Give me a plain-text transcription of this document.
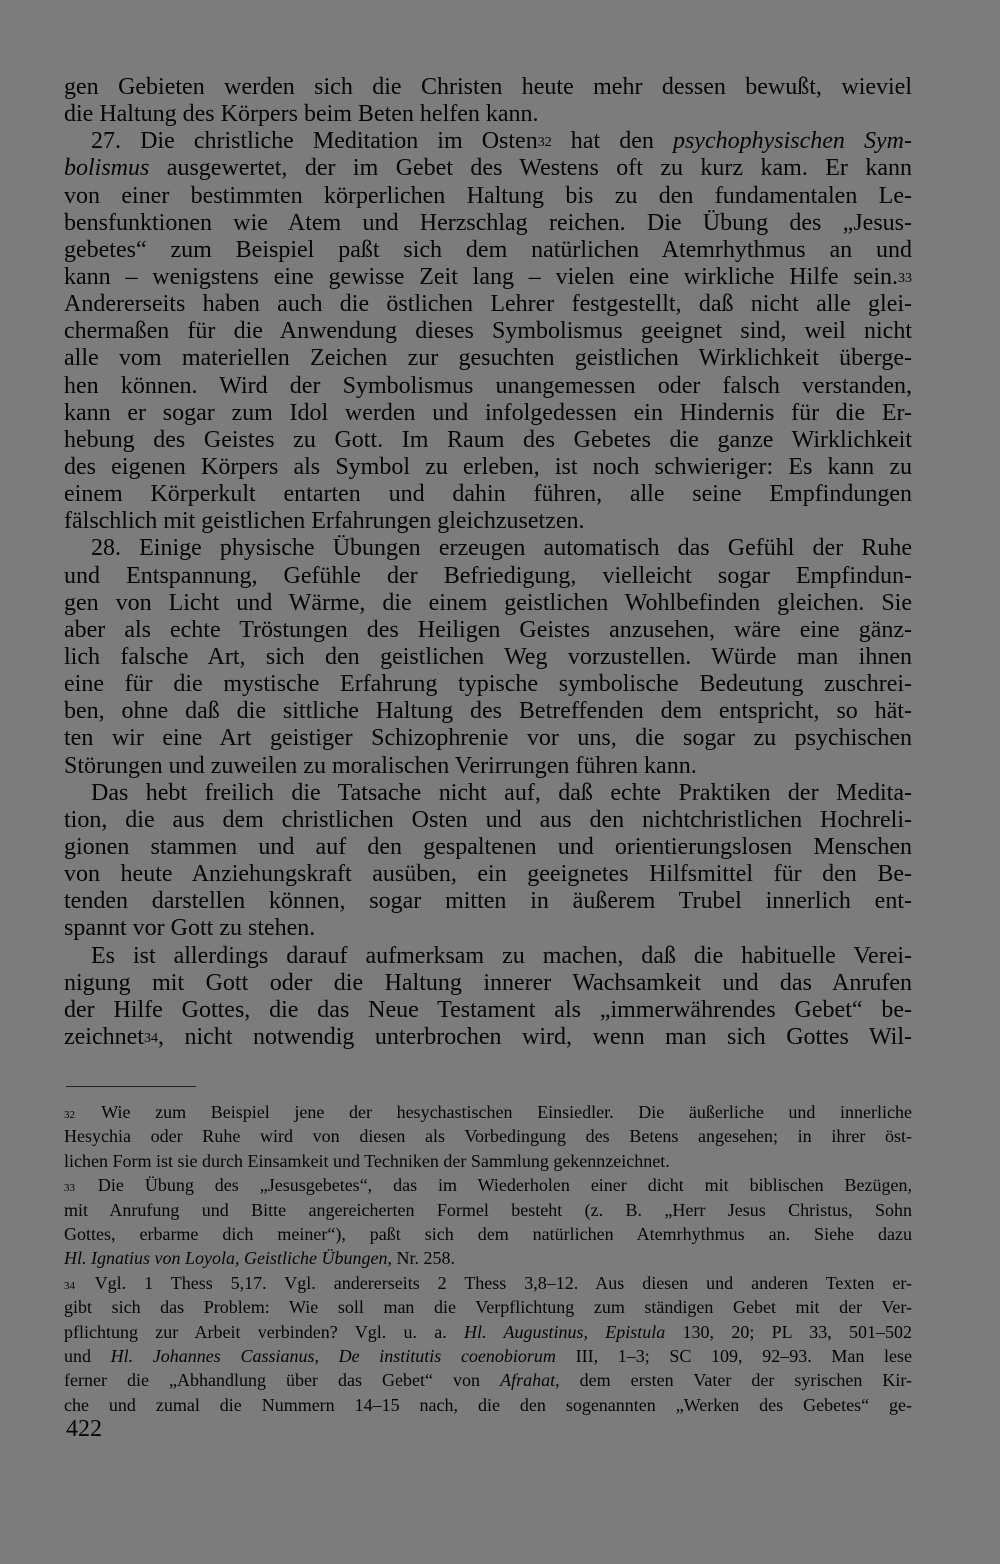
gen Gebieten werden sich die Christen heute mehr dessen bewußt, wieviel
die Haltung des Körpers beim Beten helfen kann.
27. Die christliche Meditation im Osten$^{32}$ hat den psychophysischen Sym-
bolismus ausgewertet, der im Gebet des Westens oft zu kurz kam. Er kann
von einer bestimmten körperlichen Haltung bis zu den fundamentalen Le-
bensfunktionen wie Atem und Herzschlag reichen. Die Übung des „Jesus-
gebetes“ zum Beispiel paßt sich dem natürlichen Atemrhythmus an und
kann – wenigstens eine gewisse Zeit lang – vielen eine wirkliche Hilfe sein.$^{33}$
Andererseits haben auch die östlichen Lehrer festgestellt, daß nicht alle glei-
chermaßen für die Anwendung dieses Symbolismus geeignet sind, weil nicht
alle vom materiellen Zeichen zur gesuchten geistlichen Wirklichkeit überge-
hen können. Wird der Symbolismus unangemessen oder falsch verstanden,
kann er sogar zum Idol werden und infolgedessen ein Hindernis für die Er-
hebung des Geistes zu Gott. Im Raum des Gebetes die ganze Wirklichkeit
des eigenen Körpers als Symbol zu erleben, ist noch schwieriger: Es kann zu
einem Körperkult entarten und dahin führen, alle seine Empfindungen
fälschlich mit geistlichen Erfahrungen gleichzusetzen.
28. Einige physische Übungen erzeugen automatisch das Gefühl der Ruhe
und Entspannung, Gefühle der Befriedigung, vielleicht sogar Empfindun-
gen von Licht und Wärme, die einem geistlichen Wohlbefinden gleichen. Sie
aber als echte Tröstungen des Heiligen Geistes anzusehen, wäre eine gänz-
lich falsche Art, sich den geistlichen Weg vorzustellen. Würde man ihnen
eine für die mystische Erfahrung typische symbolische Bedeutung zuschrei-
ben, ohne daß die sittliche Haltung des Betreffenden dem entspricht, so hät-
ten wir eine Art geistiger Schizophrenie vor uns, die sogar zu psychischen
Störungen und zuweilen zu moralischen Verirrungen führen kann.
Das hebt freilich die Tatsache nicht auf, daß echte Praktiken der Medita-
tion, die aus dem christlichen Osten und aus den nichtchristlichen Hochreli-
gionen stammen und auf den gespaltenen und orientierungslosen Menschen
von heute Anziehungskraft ausüben, ein geeignetes Hilfsmittel für den Be-
tenden darstellen können, sogar mitten in äußerem Trubel innerlich ent-
spannt vor Gott zu stehen.
Es ist allerdings darauf aufmerksam zu machen, daß die habituelle Verei-
nigung mit Gott oder die Haltung innerer Wachsamkeit und das Anrufen
der Hilfe Gottes, die das Neue Testament als „immerwährendes Gebet“ be-
zeichnet$^{34}$, nicht notwendig unterbrochen wird, wenn man sich Gottes Wil-
$^{32}$ Wie zum Beispiel jene der hesychastischen Einsiedler. Die äußerliche und innerliche
Hesychia oder Ruhe wird von diesen als Vorbedingung des Betens angesehen; in ihrer öst-
lichen Form ist sie durch Einsamkeit und Techniken der Sammlung gekennzeichnet.
$^{33}$ Die Übung des „Jesusgebetes“, das im Wiederholen einer dicht mit biblischen Bezügen,
mit Anrufung und Bitte angereicherten Formel besteht (z. B. „Herr Jesus Christus, Sohn
Gottes, erbarme dich meiner“), paßt sich dem natürlichen Atemrhythmus an. Siehe dazu
Hl. Ignatius von Loyola, Geistliche Übungen, Nr. 258.
$^{34}$ Vgl. 1 Thess 5,17. Vgl. andererseits 2 Thess 3,8–12. Aus diesen und anderen Texten er-
gibt sich das Problem: Wie soll man die Verpflichtung zum ständigen Gebet mit der Ver-
pflichtung zur Arbeit verbinden? Vgl. u. a. Hl. Augustinus, Epistula 130, 20; PL 33, 501–502
und Hl. Johannes Cassianus, De institutis coenobiorum III, 1–3; SC 109, 92–93. Man lese
ferner die „Abhandlung über das Gebet“ von Afrahat, dem ersten Vater der syrischen Kir-
che und zumal die Nummern 14–15 nach, die den sogenannten „Werken des Gebetes“ ge-
422
